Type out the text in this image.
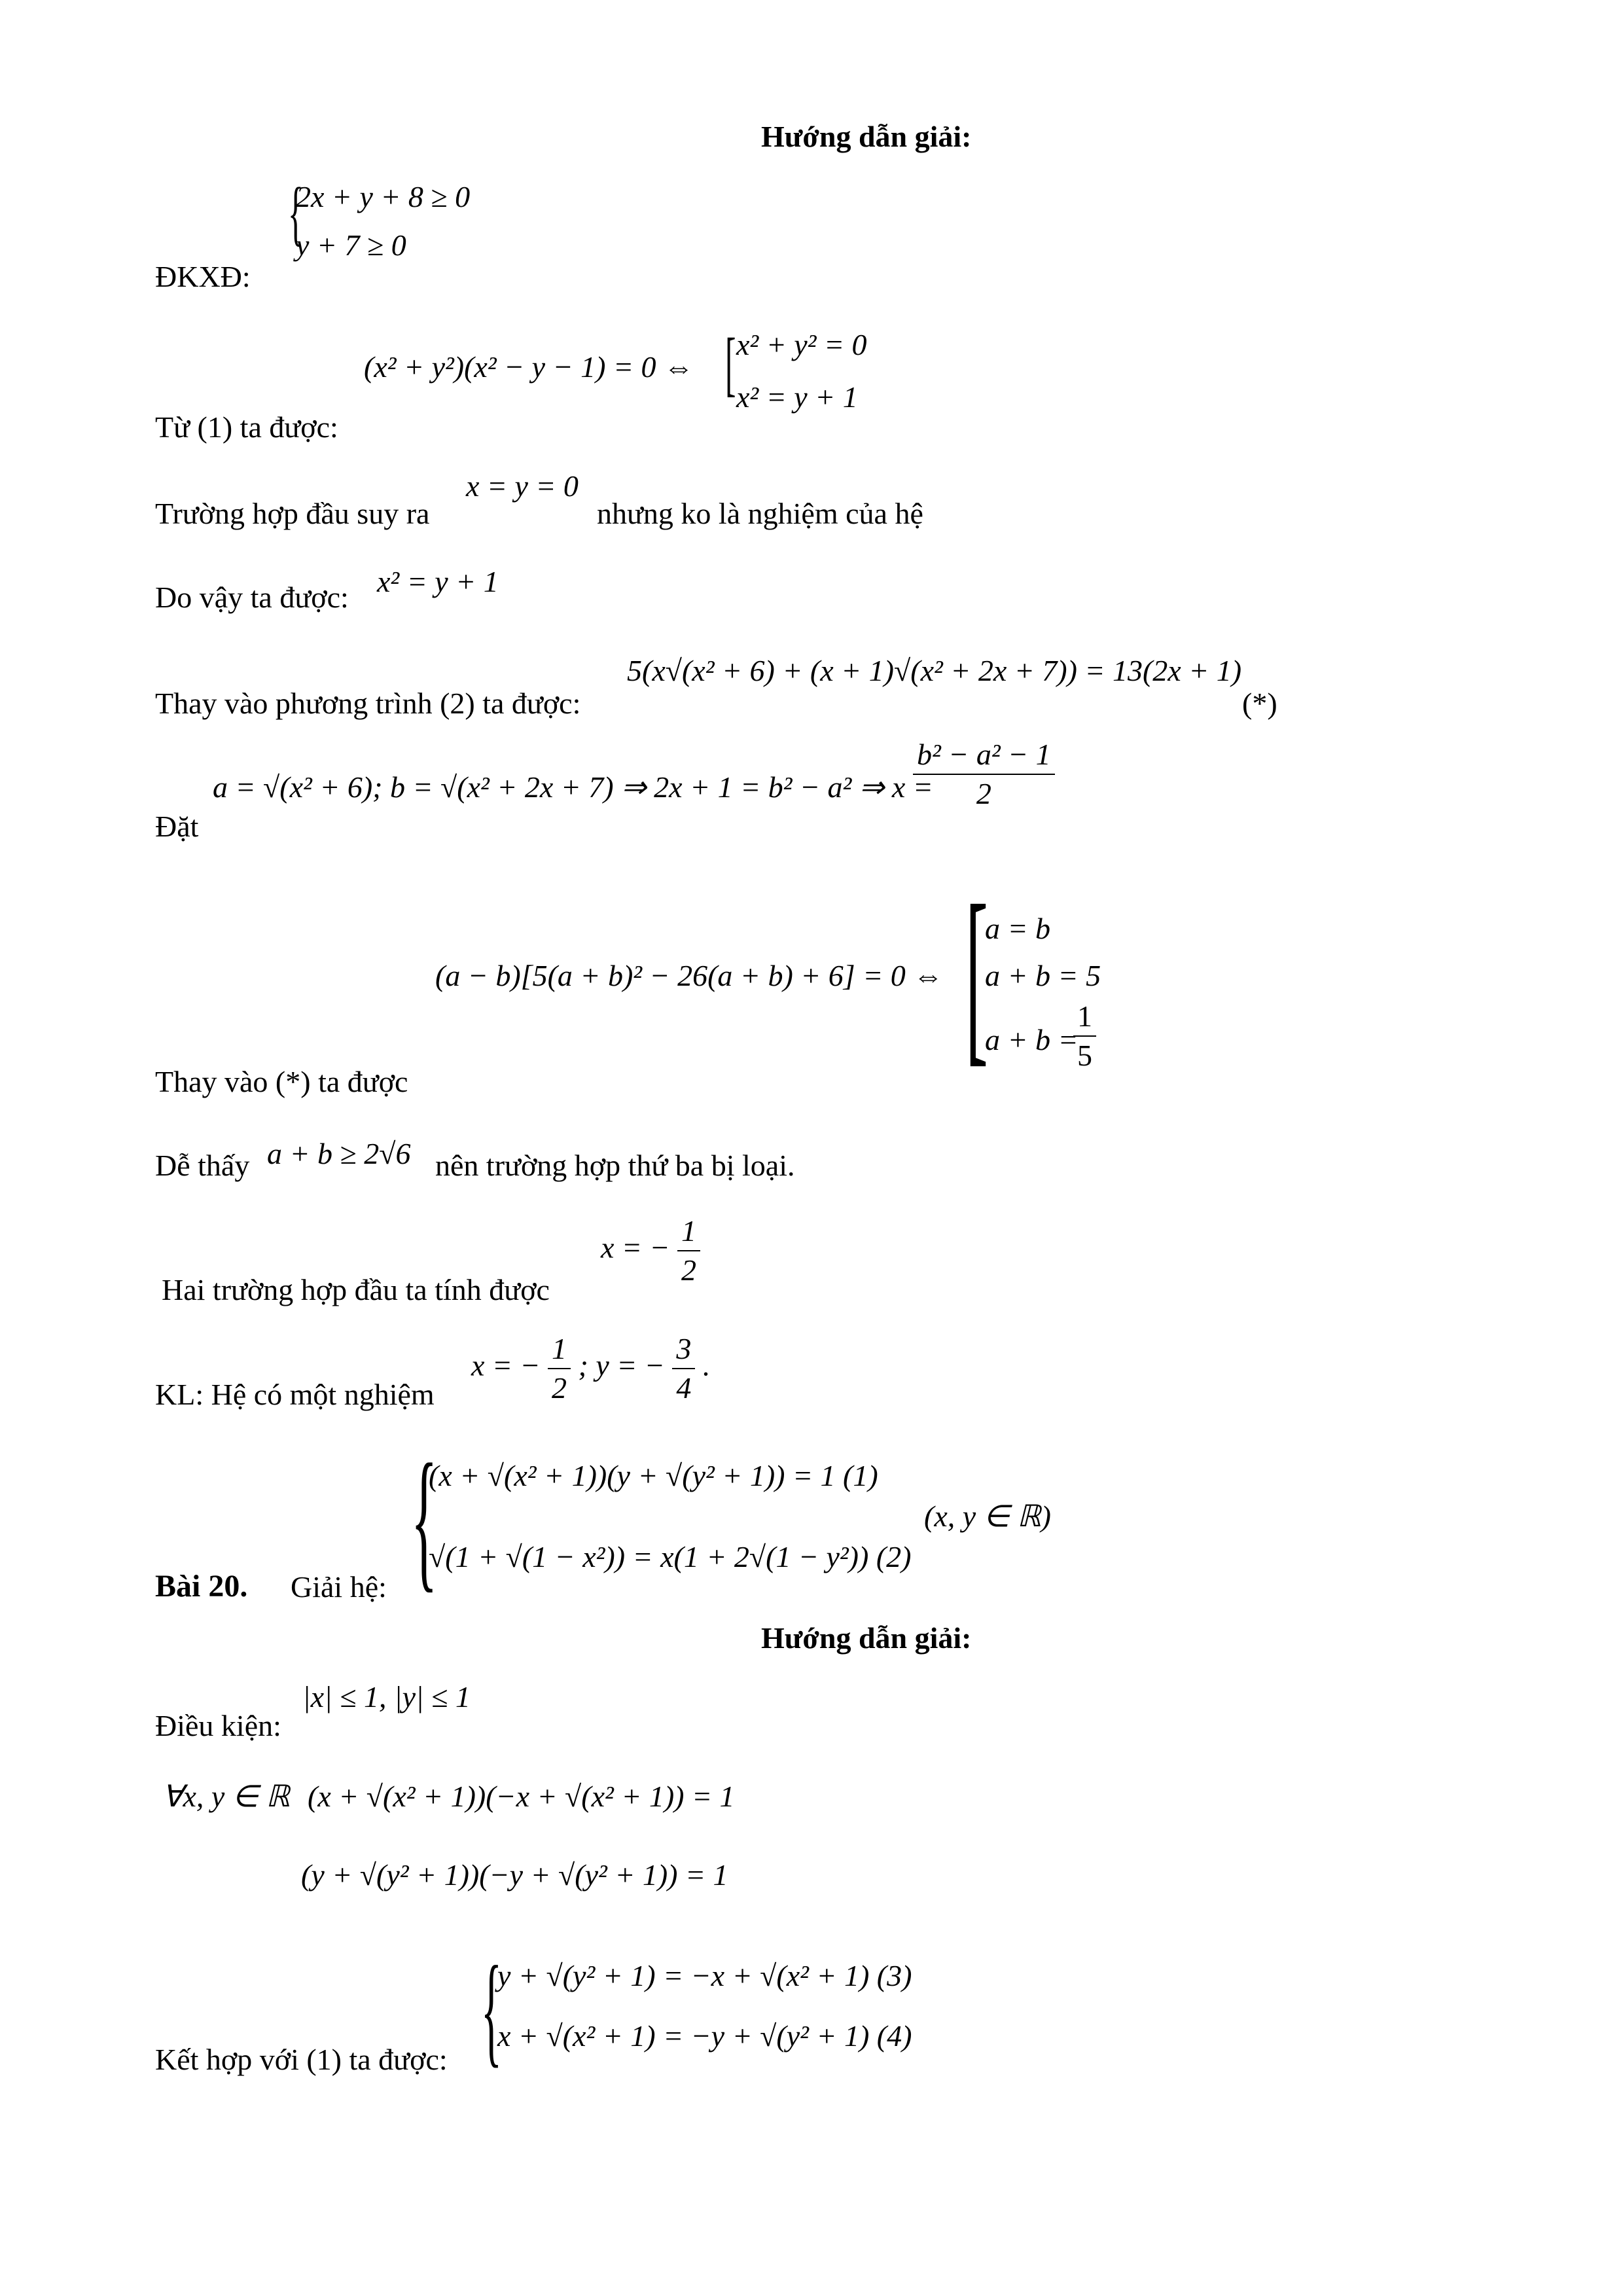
Hướng dẫn giải:
{
2x + y + 8 ≥ 0
y + 7 ≥ 0
ĐKXĐ:
(x² + y²)(x² − y − 1) = 0 ⇔ [ x² + y² = 0
x² = y + 1
Từ (1) ta được:
Trường hợp đầu suy ra
x = y = 0
nhưng ko là nghiệm của hệ
Do vậy ta được: x² = y + 1
5(x√(x² + 6) + (x + 1)√(x² + 2x + 7)) = 13(2x + 1)
Thay vào phương trình (2) ta được:	(*)
a = √(x² + 6); b = √(x² + 2x + 7) ⇒ 2x + 1 = b² − a² ⇒ x =
$\frac{\text{b² − a² − 1}}{2}$
Đặt
(a − b)[5(a + b)² − 26(a + b) + 6] = 0 ⇔ [
a = b
a + b = 5
a + b =
$\frac{1}{5}$
Thay vào (*) ta được
Dễ thấy a + b ≥ 2√6 nên trường hợp thứ ba bị loại.
x = − $\frac{1}{2}$
Hai trường hợp đầu ta tính được
x = − $\frac{1}{2}$ ; y = − $\frac{3}{4}$ .
KL: Hệ có một nghiệm
{
(x + √(x² + 1))(y + √(y² + 1)) = 1 (1)
√(1 + √(1 − x²)) = x(1 + 2√(1 − y²)) (2)
(x, y ∈ ℝ)
Bài 20. Giải hệ:
Hướng dẫn giải:
Điều kiện:
|x| ≤ 1, |y| ≤ 1
∀x, y ∈ ℝ (x + √(x² + 1))(−x + √(x² + 1)) = 1
(y + √(y² + 1))(−y + √(y² + 1)) = 1
{
y + √(y² + 1) = −x + √(x² + 1) (3)
x + √(x² + 1) = −y + √(y² + 1) (4)
Kết hợp với (1) ta được:
